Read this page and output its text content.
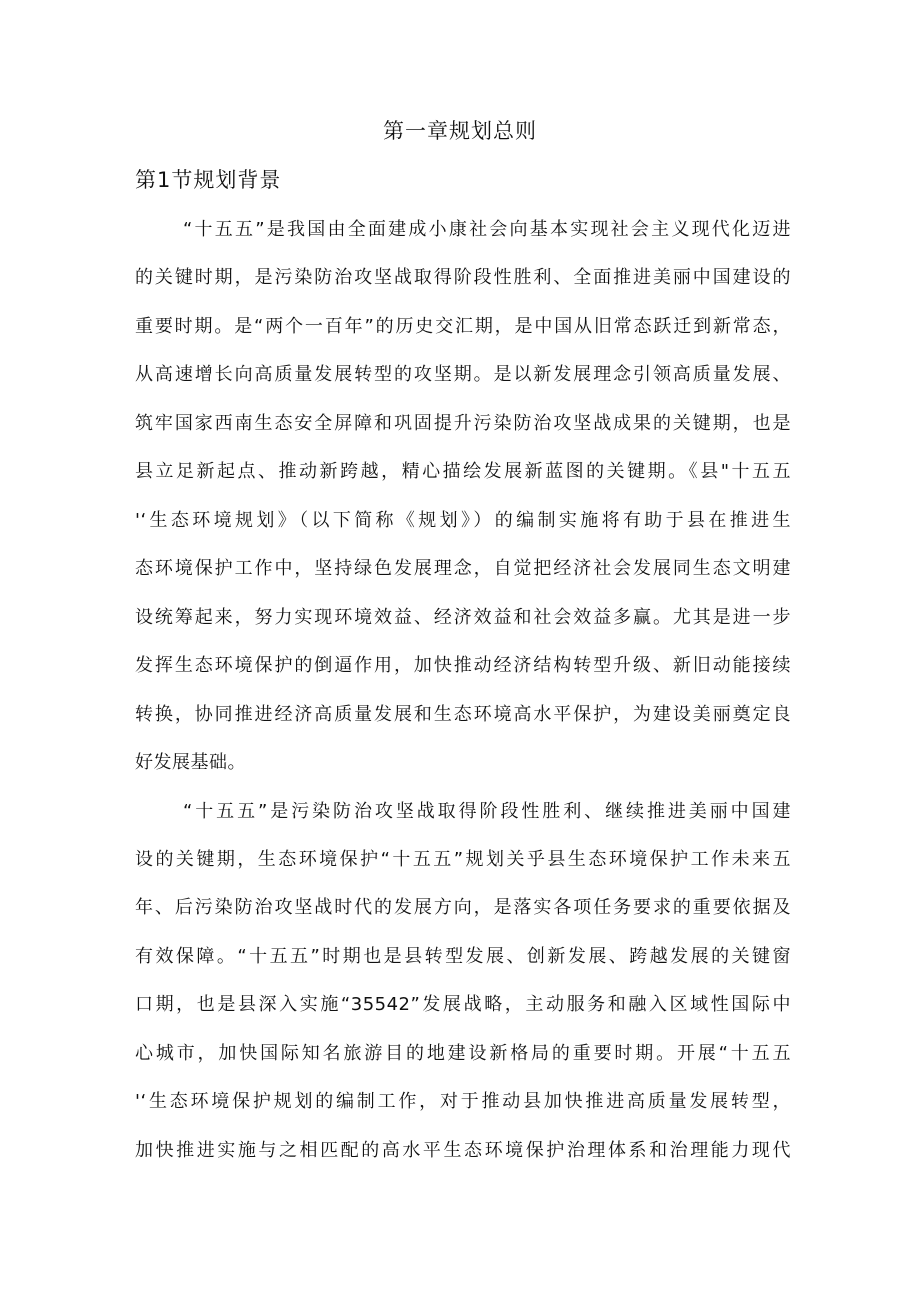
第一章规划总则
第1节规划背景
“十五五”是我国由全面建成小康社会向基本实现社会主义现代化迈进
的关键时期，是污染防治攻坚战取得阶段性胜利、全面推进美丽中国建设的
重要时期。是“两个一百年”的历史交汇期，是中国从旧常态跃迁到新常态，
从高速增长向高质量发展转型的攻坚期。是以新发展理念引领高质量发展、
筑牢国家西南生态安全屏障和巩固提升污染防治攻坚战成果的关键期，也是
县立足新起点、推动新跨越，精心描绘发展新蓝图的关键期。《县"十五五
'‘生态环境规划》（以下简称《规划》）的编制实施将有助于县在推进生
态环境保护工作中，坚持绿色发展理念，自觉把经济社会发展同生态文明建
设统筹起来，努力实现环境效益、经济效益和社会效益多赢。尤其是进一步
发挥生态环境保护的倒逼作用，加快推动经济结构转型升级、新旧动能接续
转换，协同推进经济高质量发展和生态环境高水平保护，为建设美丽奠定良
好发展基础。
“十五五”是污染防治攻坚战取得阶段性胜利、继续推进美丽中国建
设的关键期，生态环境保护“十五五”规划关乎县生态环境保护工作未来五
年、后污染防治攻坚战时代的发展方向，是落实各项任务要求的重要依据及
有效保障。“十五五”时期也是县转型发展、创新发展、跨越发展的关键窗
口期，也是县深入实施“35542”发展战略，主动服务和融入区域性国际中
心城市，加快国际知名旅游目的地建设新格局的重要时期。开展“十五五
'‘生态环境保护规划的编制工作，对于推动县加快推进高质量发展转型，
加快推进实施与之相匹配的高水平生态环境保护治理体系和治理能力现代
